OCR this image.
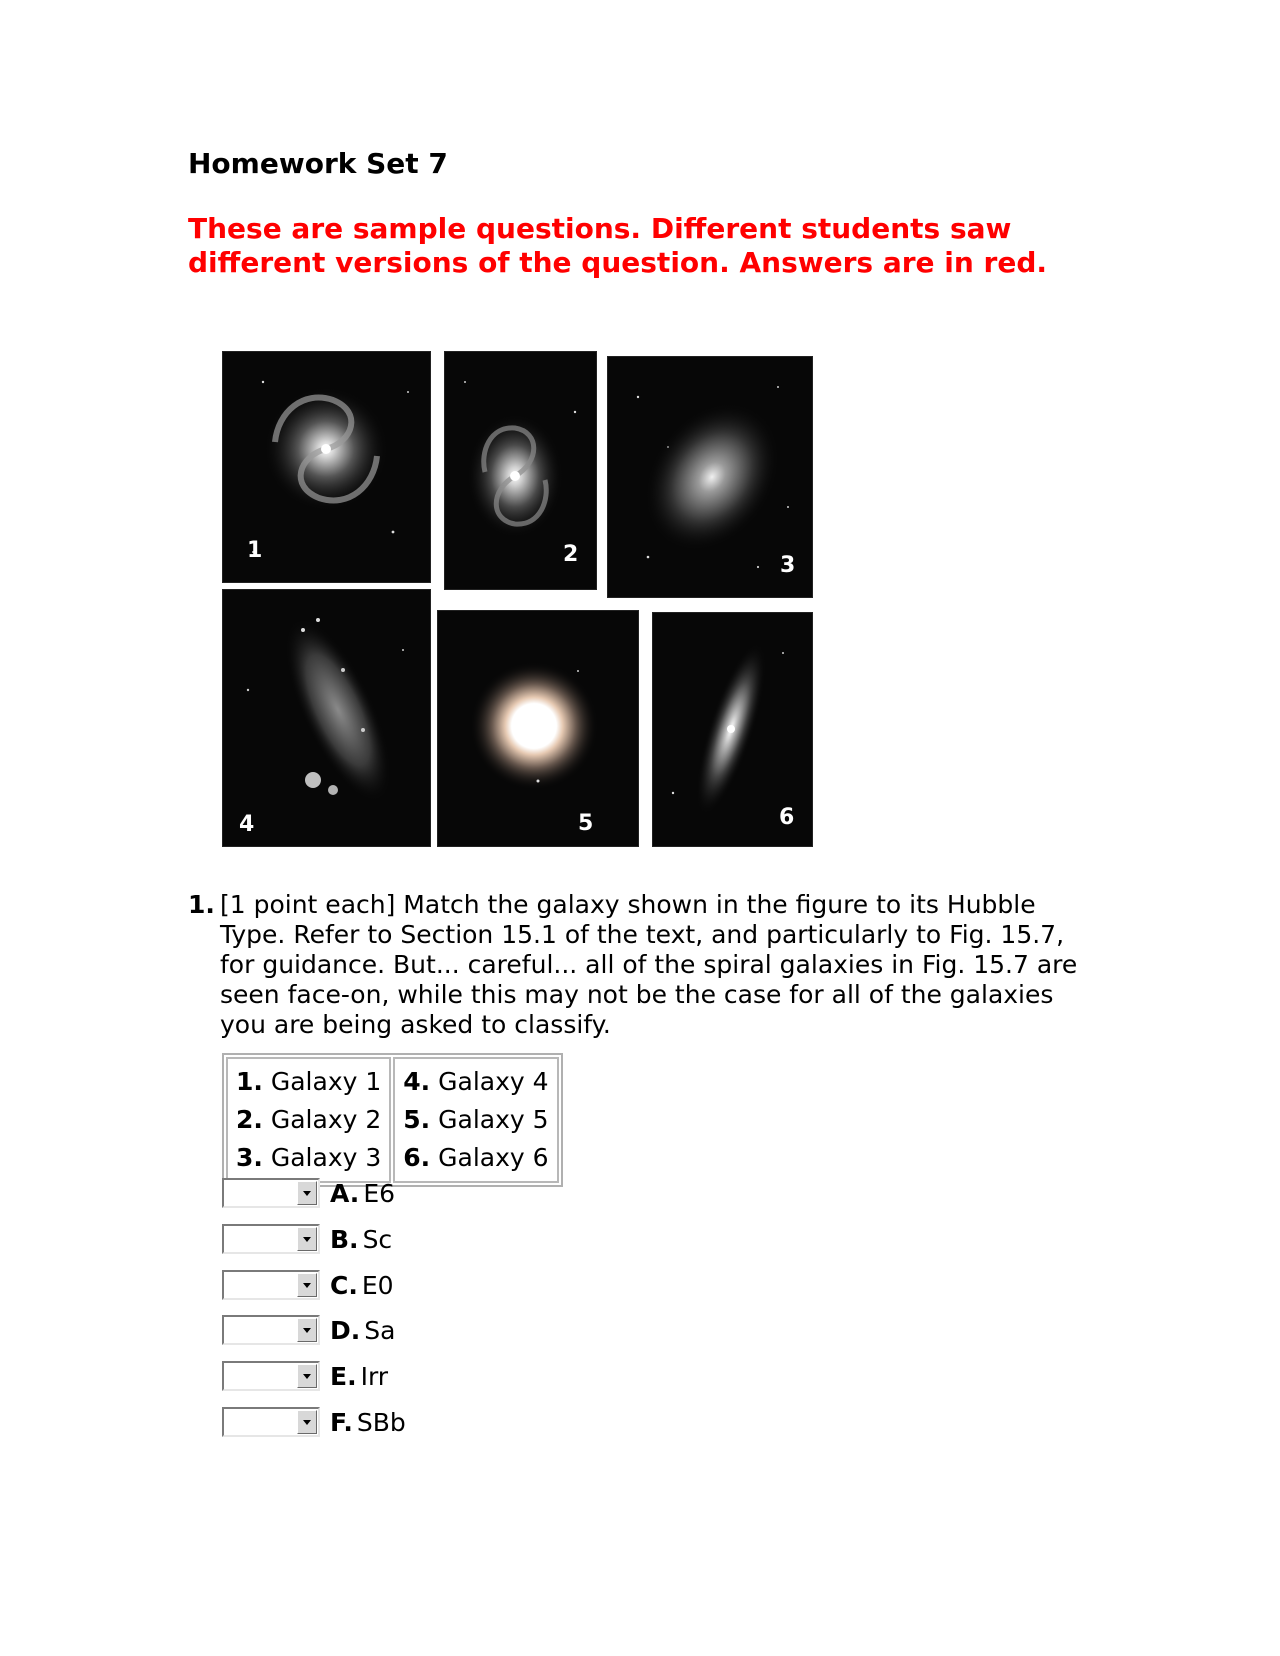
Homework Set 7

These are sample questions. Different students saw different versions of the question. Answers are in red.

1	2	3
4	5	6
1. [1 point each] Match the galaxy shown in the figure to its Hubble Type. Refer to Section 15.1 of the text, and particularly to Fig. 15.7, for guidance. But... careful... all of the spiral galaxies in Fig. 15.7 are seen face-on, while this may not be the case for all of the galaxies you are being asked to classify.
1. Galaxy 1
2. Galaxy 2
3. Galaxy 3
4. Galaxy 4
5. Galaxy 5
6. Galaxy 6
A. E6
B. Sc
C. E0
D. Sa
E. Irr
F. SBb
